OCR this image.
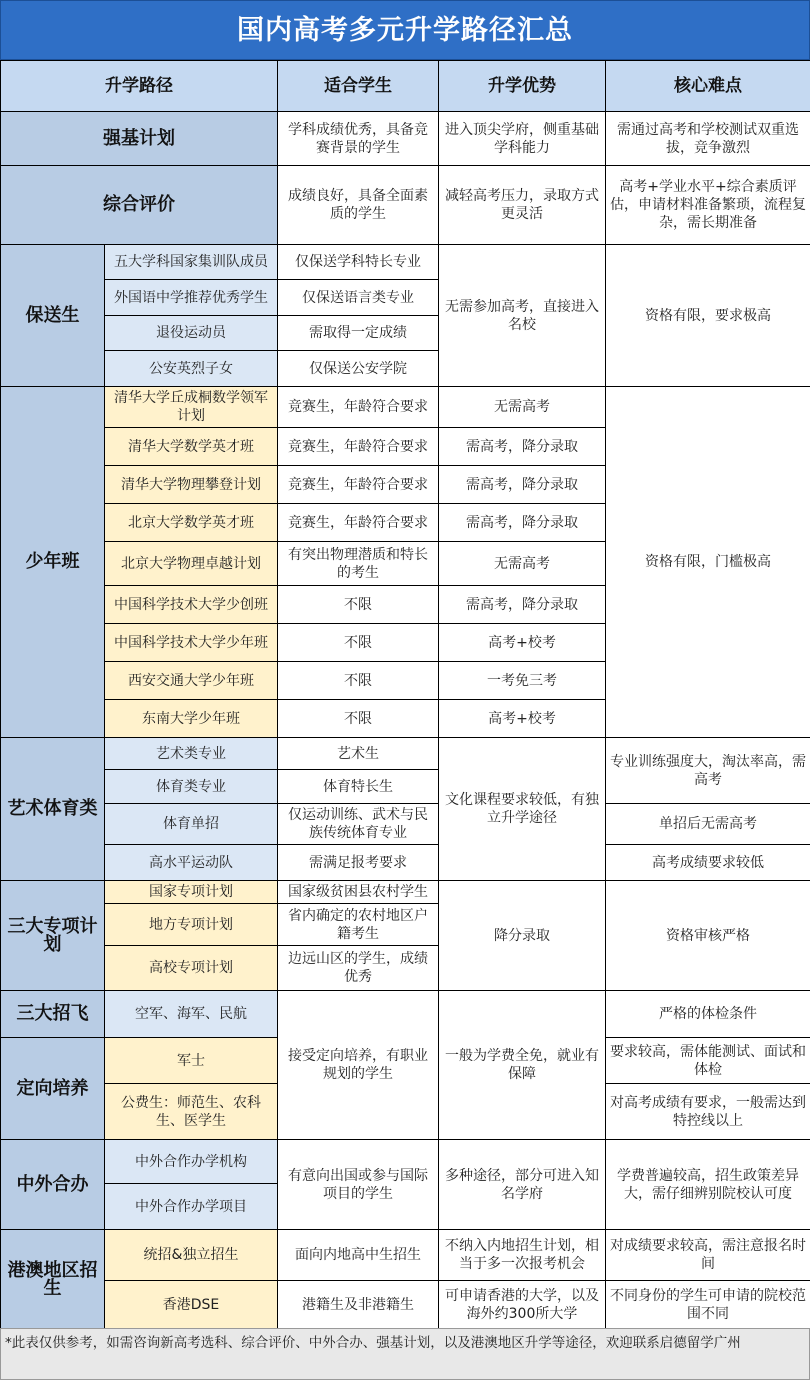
国内高考多元升学路径汇总
升学路径		适合学生	升学优势	核心难点
强基计划		学科成绩优秀，具备竞赛背景的学生	进入顶尖学府，侧重基础学科能力	需通过高考和学校测试双重选拔，竞争激烈
综合评价		成绩良好，具备全面素质的学生	减轻高考压力，录取方式更灵活	高考+学业水平+综合素质评估，申请材料准备繁琐，流程复杂，需长期准备
保送生	五大学科国家集训队成员	仅保送学科特长专业	无需参加高考，直接进入名校	资格有限，要求极高
	外国语中学推荐优秀学生	仅保送语言类专业		
	退役运动员	需取得一定成绩		
	公安英烈子女	仅保送公安学院		
少年班	清华大学丘成桐数学领军计划	竞赛生，年龄符合要求	无需高考	资格有限，门槛极高
	清华大学数学英才班	竞赛生，年龄符合要求	需高考，降分录取	
	清华大学物理攀登计划	竞赛生，年龄符合要求	需高考，降分录取	
	北京大学数学英才班	竞赛生，年龄符合要求	需高考，降分录取	
	北京大学物理卓越计划	有突出物理潜质和特长的考生	无需高考	
	中国科学技术大学少创班	不限	需高考，降分录取	
	中国科学技术大学少年班	不限	高考+校考	
	西安交通大学少年班	不限	一考免三考	
	东南大学少年班	不限	高考+校考	
艺术体育类	艺术类专业	艺术生	文化课程要求较低，有独立升学途径	专业训练强度大，淘汰率高，需高考
	体育类专业	体育特长生		
	体育单招	仅运动训练、武术与民族传统体育专业		单招后无需高考
	高水平运动队	需满足报考要求		高考成绩要求较低
三大专项计划	国家专项计划	国家级贫困县农村学生	降分录取	资格审核严格
	地方专项计划	省内确定的农村地区户籍考生		
	高校专项计划	边远山区的学生，成绩优秀		
三大招飞	空军、海军、民航	接受定向培养，有职业规划的学生	一般为学费全免，就业有保障	严格的体检条件
定向培养	军士			要求较高，需体能测试、面试和体检
	公费生：师范生、农科生、医学生			对高考成绩有要求，一般需达到特控线以上
中外合办	中外合作办学机构	有意向出国或参与国际项目的学生	多种途径，部分可进入知名学府	学费普遍较高，招生政策差异大，需仔细辨别院校认可度
	中外合作办学项目			
港澳地区招生	统招&独立招生	面向内地高中生招生	不纳入内地招生计划，相当于多一次报考机会	对成绩要求较高，需注意报名时间
	香港DSE	港籍生及非港籍生	可申请香港的大学，以及海外约300所大学	不同身份的学生可申请的院校范围不同
*此表仅供参考，如需咨询新高考选科、综合评价、中外合办、强基计划，以及港澳地区升学等途径，欢迎联系启德留学广州
